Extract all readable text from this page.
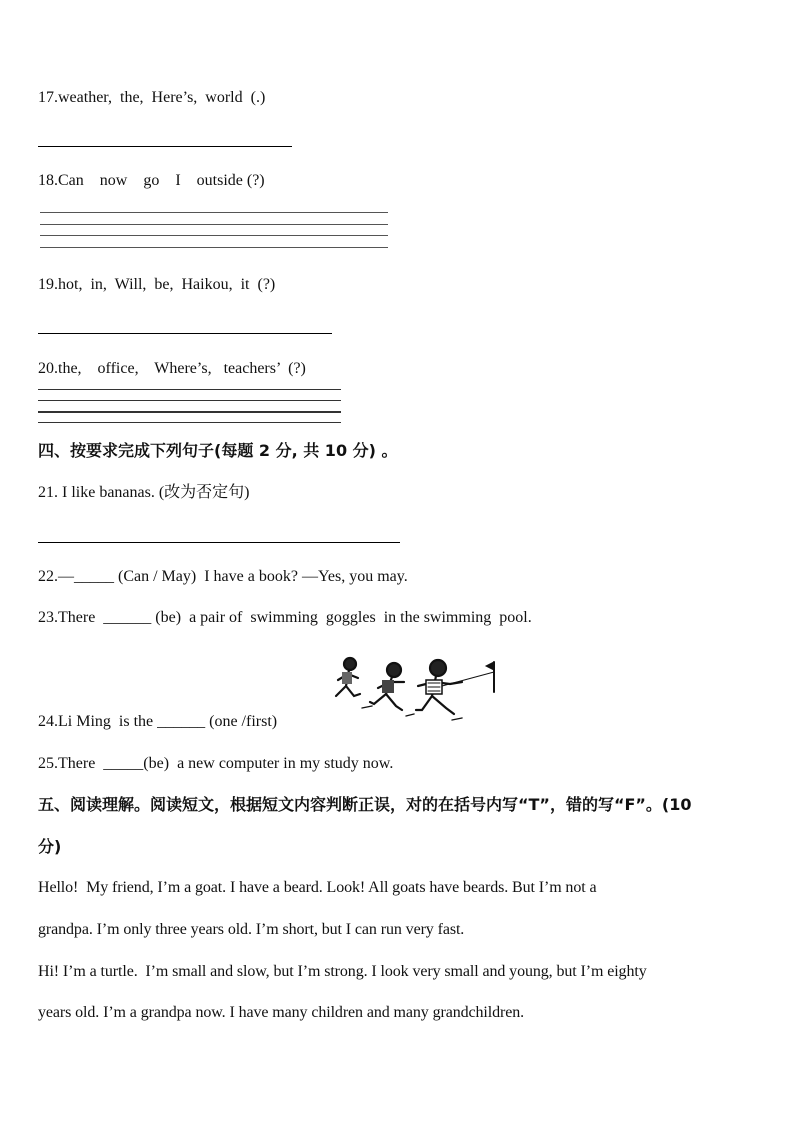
17.weather,  the,  Here’s,  world  (.)
18.Can    now    go    I    outside (?)
19.hot,  in,  Will,  be,  Haikou,  it  (?)
20.the,    office,    Where’s,   teachers’  (?)
四、按要求完成下列句子(每题 2 分, 共 10 分) 。
21. I like bananas. (改为否定句)
22.—_____ (Can / May)  I have a book? —Yes, you may.
23.There  ______ (be)  a pair of  swimming  goggles  in the swimming  pool.
24.Li Ming  is the ______ (one /first)
25.There  _____(be)  a new computer in my study now.
五、阅读理解。阅读短文，根据短文内容判断正误，对的在括号内写“T”，错的写“F”。(10
分)
Hello!  My friend, I’m a goat. I have a beard. Look! All goats have beards. But I’m not a
grandpa. I’m only three years old. I’m short, but I can run very fast.
Hi! I’m a turtle.  I’m small and slow, but I’m strong. I look very small and young, but I’m eighty
years old. I’m a grandpa now. I have many children and many grandchildren.
